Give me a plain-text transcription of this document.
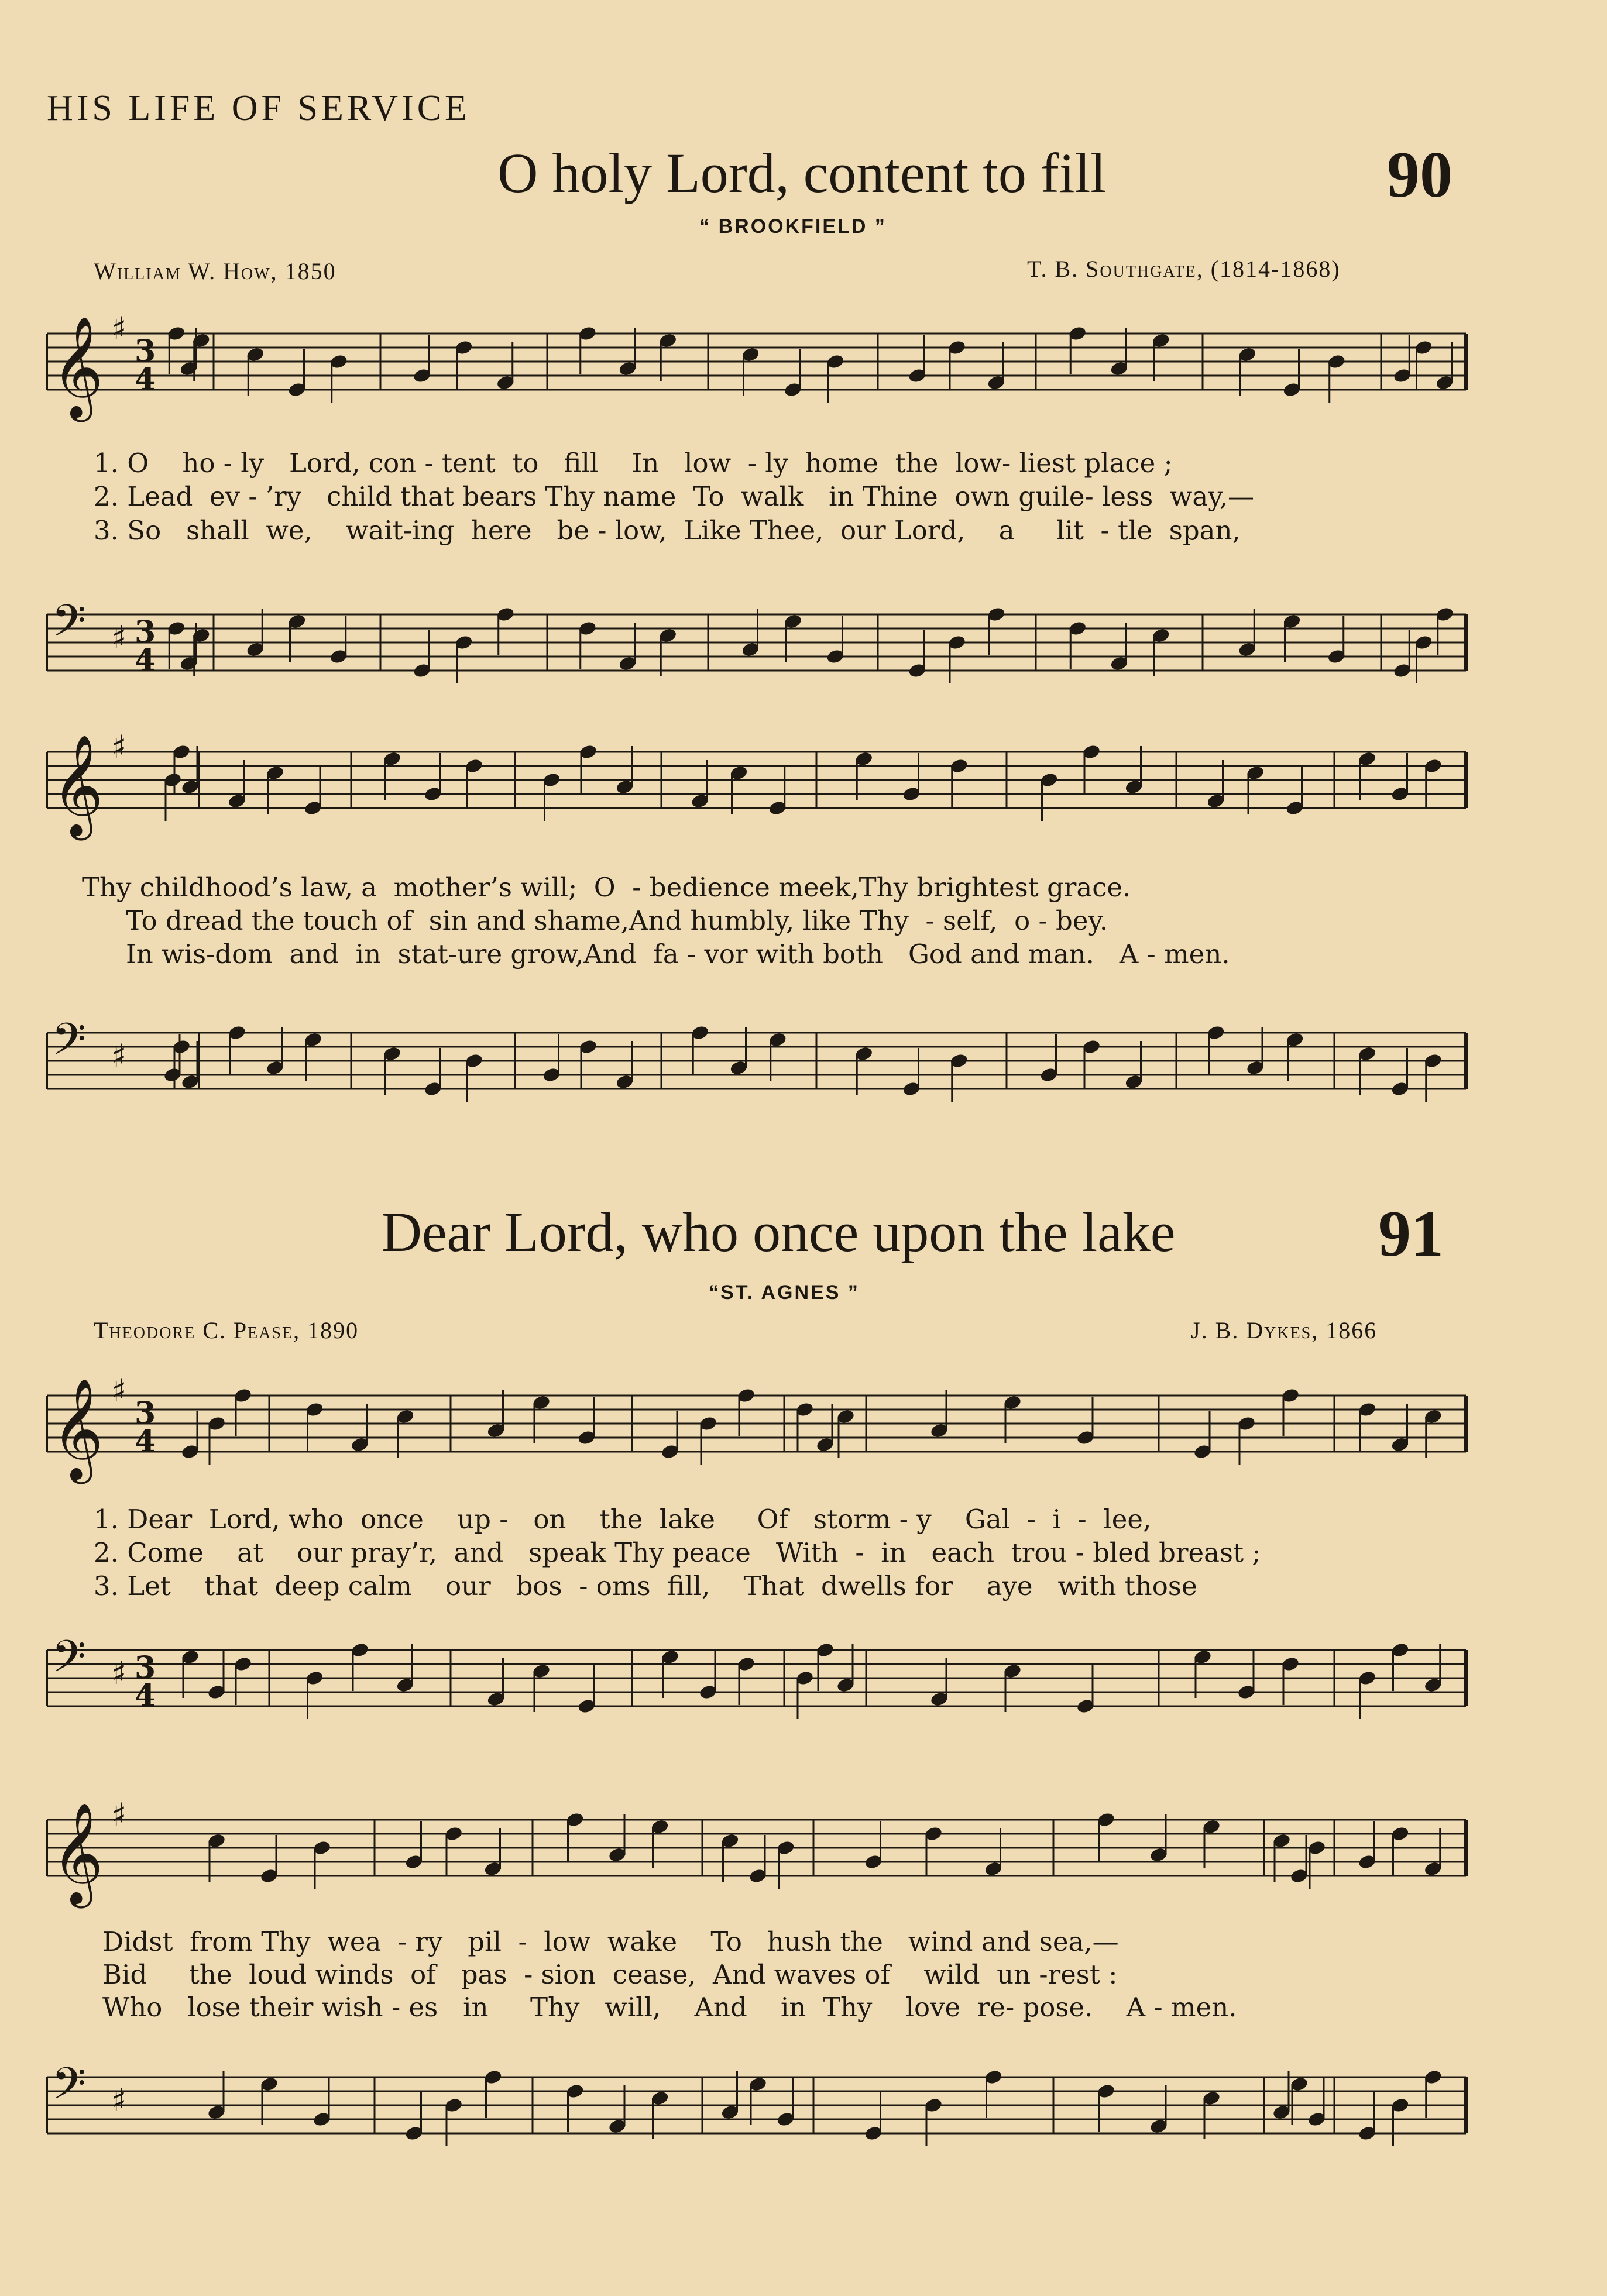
HIS LIFE OF SERVICE
O holy Lord, content to fill	90
“ BROOKFIELD ”
William W. How, 1850	T. B. Southgate, (1814-1868)
𝄞 ♯
3
4
1. O    ho - ly   Lord, con - tent  to   fill    In   low  - ly  home  the  low- liest place ;
2. Lead  ev - ’ry   child that bears Thy name  To  walk   in Thine  own guile- less  way,—
3. So   shall  we,    wait-ing  here   be - low,  Like Thee,  our Lord,    a     lit  - tle  span,
𝄢 ♯ 3
4
𝄞 ♯
Thy childhood’s law, a  mother’s will;  O  - bedience meek,Thy brightest grace.
To dread the touch of  sin and shame,And humbly, like Thy  - self,  o - bey.
In wis-dom  and  in  stat-ure grow,And  fa - vor with both   God and man.   A - men.
𝄢 ♯
Dear Lord, who once upon the lake	91
“ST. AGNES ”
Theodore C. Pease, 1890	J. B. Dykes, 1866
𝄞 ♯
3
4
1. Dear  Lord, who  once    up -   on    the  lake     Of   storm - y    Gal  -  i  -  lee,
2. Come    at    our pray’r,  and   speak Thy peace   With  -  in   each  trou - bled breast ;
3. Let    that  deep calm    our   bos  - oms  fill,    That  dwells for    aye   with those
𝄢 ♯ 3
4
𝄞 ♯
Didst  from Thy  wea  - ry   pil  -  low  wake    To   hush the   wind and sea,—
Bid     the  loud winds  of   pas  - sion  cease,  And waves of    wild  un -rest :
Who   lose their wish - es   in     Thy   will,    And    in  Thy    love  re- pose.    A - men.
𝄢 ♯
